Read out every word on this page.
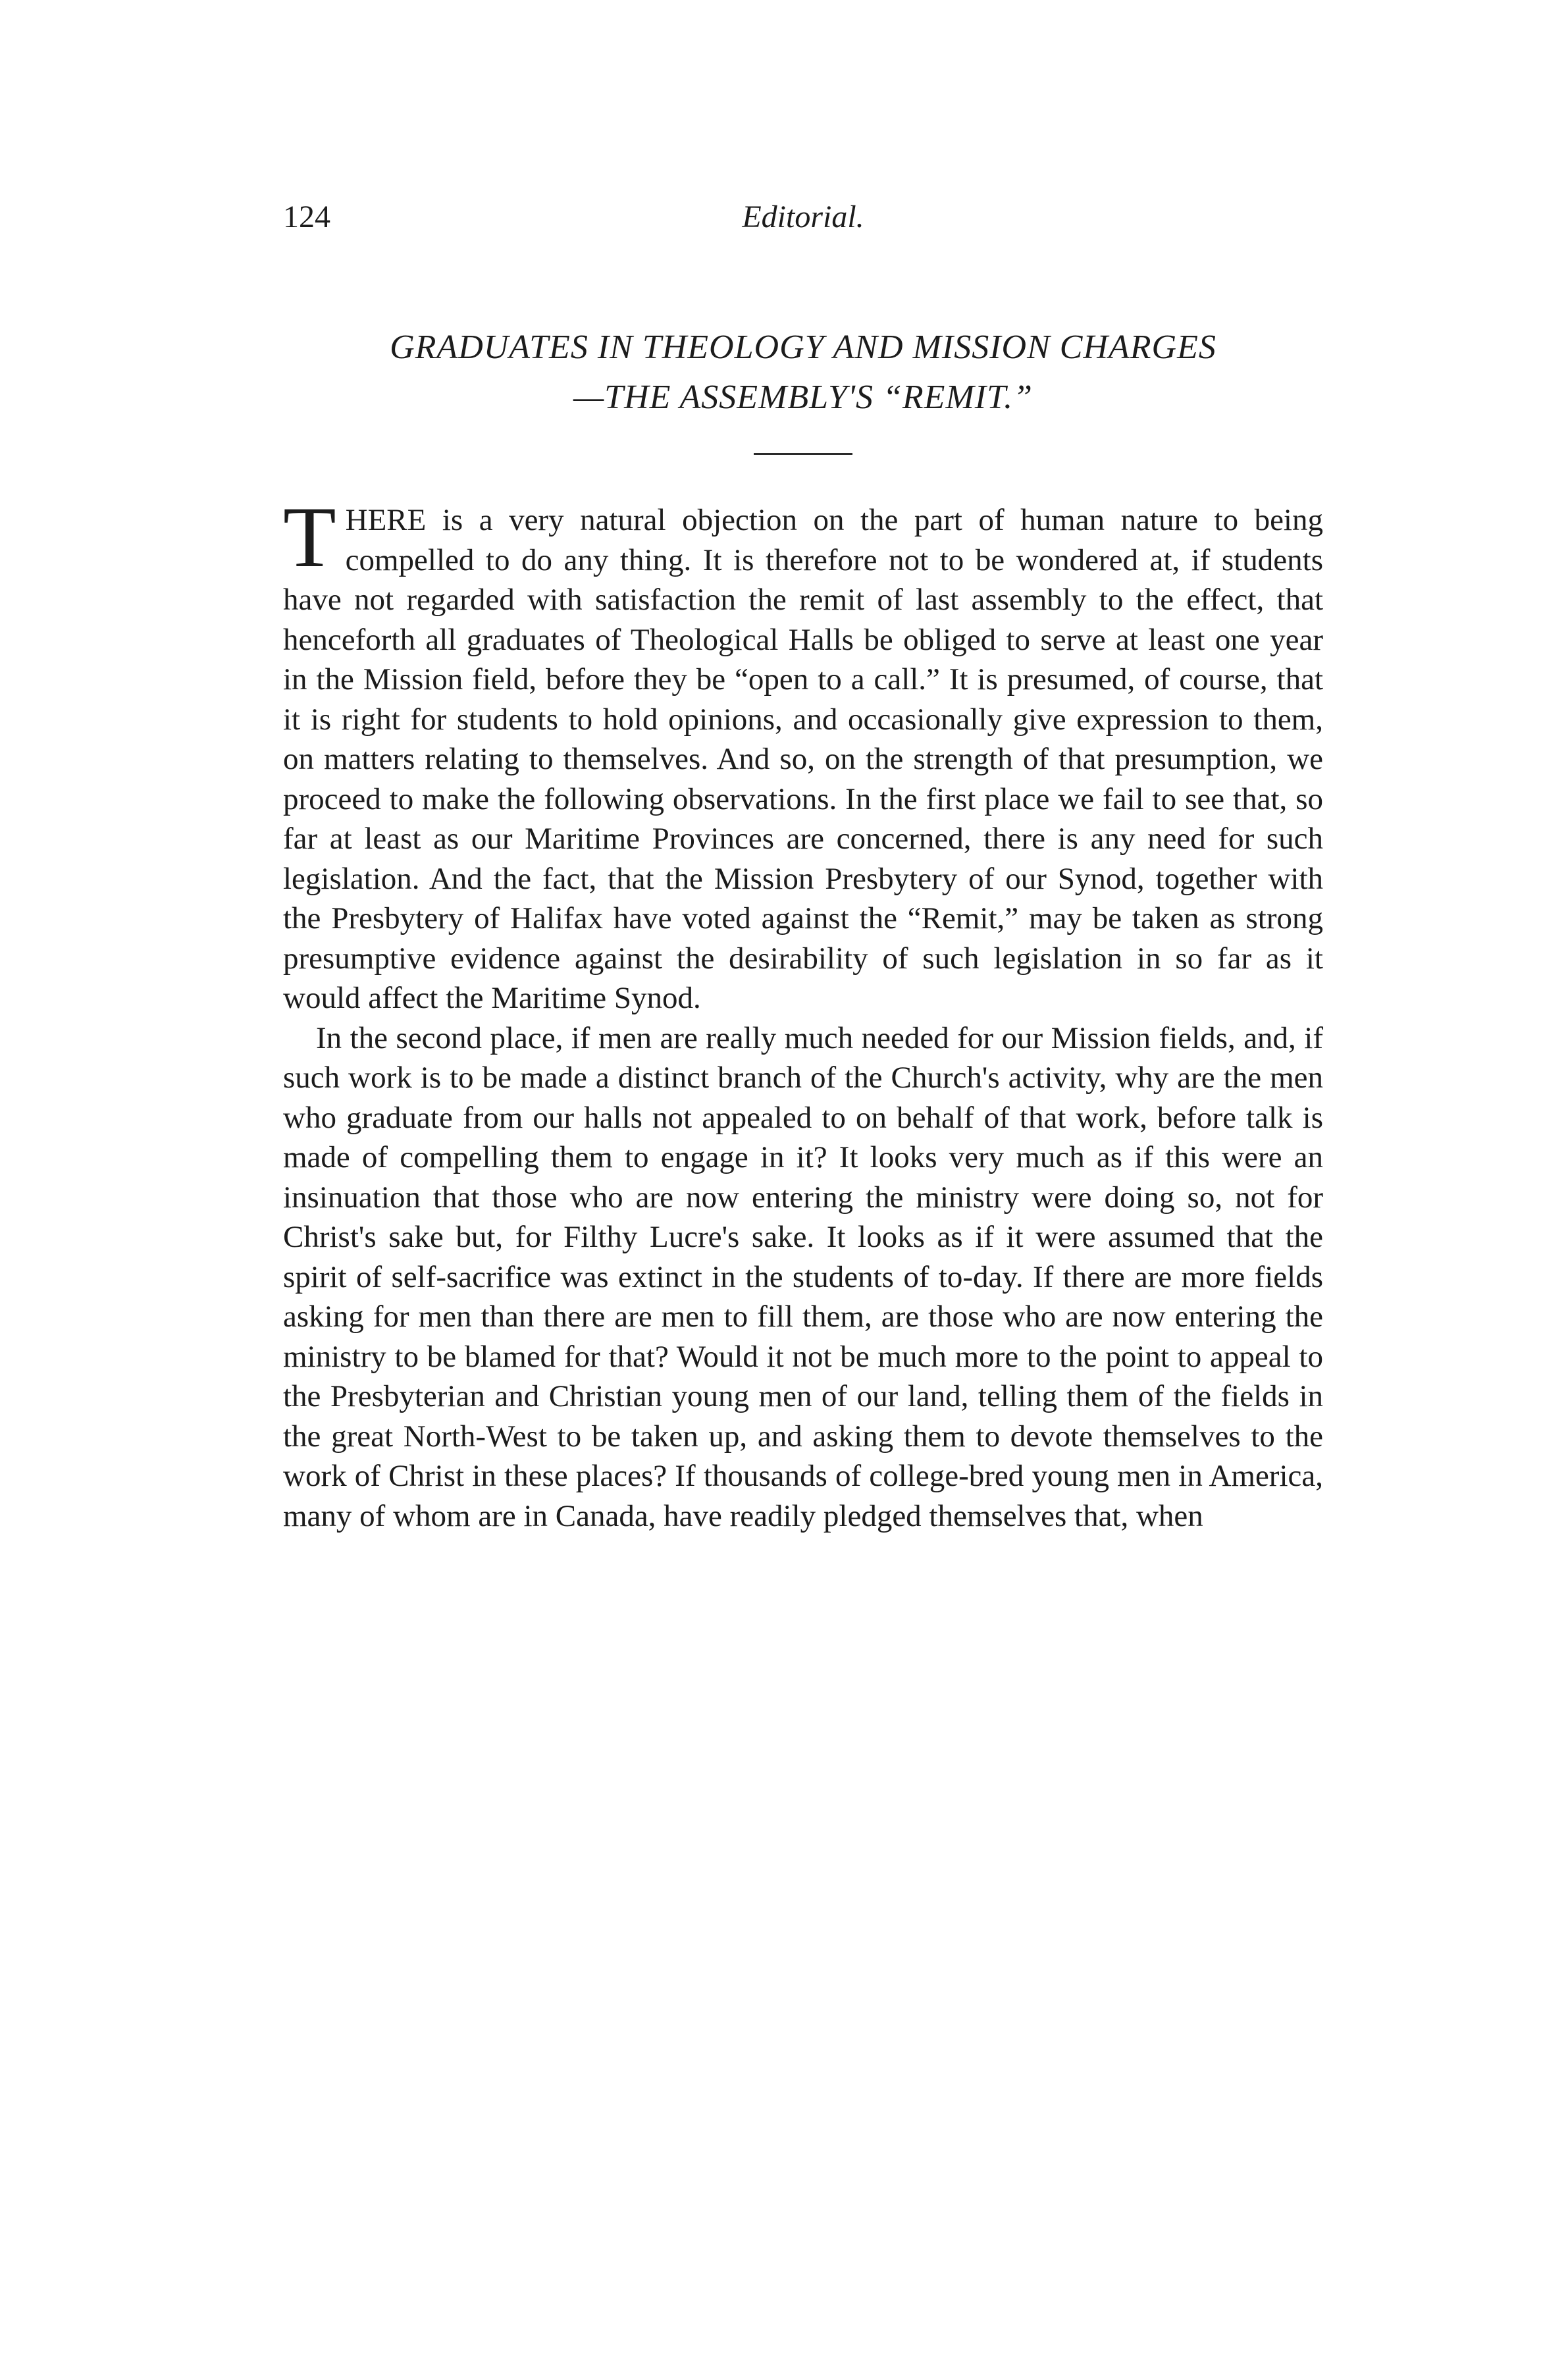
124	Editorial.
GRADUATES IN THEOLOGY AND MISSION CHARGES
—THE ASSEMBLY'S “REMIT.”

THERE is a very natural objection on the part of human nature to being compelled to do any thing. It is therefore not to be wondered at, if students have not regarded with satisfaction the remit of last assembly to the effect, that henceforth all graduates of Theological Halls be obliged to serve at least one year in the Mission field, before they be “open to a call.” It is presumed, of course, that it is right for students to hold opinions, and occasionally give expression to them, on matters relating to themselves. And so, on the strength of that presumption, we proceed to make the following observations. In the first place we fail to see that, so far at least as our Maritime Provinces are concerned, there is any need for such legislation. And the fact, that the Mission Presbytery of our Synod, together with the Presbytery of Halifax have voted against the “Remit,” may be taken as strong presumptive evidence against the desirability of such legislation in so far as it would affect the Maritime Synod.

In the second place, if men are really much needed for our Mission fields, and, if such work is to be made a distinct branch of the Church's activity, why are the men who graduate from our halls not appealed to on behalf of that work, before talk is made of compelling them to engage in it? It looks very much as if this were an insinuation that those who are now entering the ministry were doing so, not for Christ's sake but, for Filthy Lucre's sake. It looks as if it were assumed that the spirit of self-sacrifice was extinct in the students of to-day. If there are more fields asking for men than there are men to fill them, are those who are now entering the ministry to be blamed for that? Would it not be much more to the point to appeal to the Presbyterian and Christian young men of our land, telling them of the fields in the great North-West to be taken up, and asking them to devote themselves to the work of Christ in these places? If thousands of college-bred young men in America, many of whom are in Canada, have readily pledged themselves that, when
